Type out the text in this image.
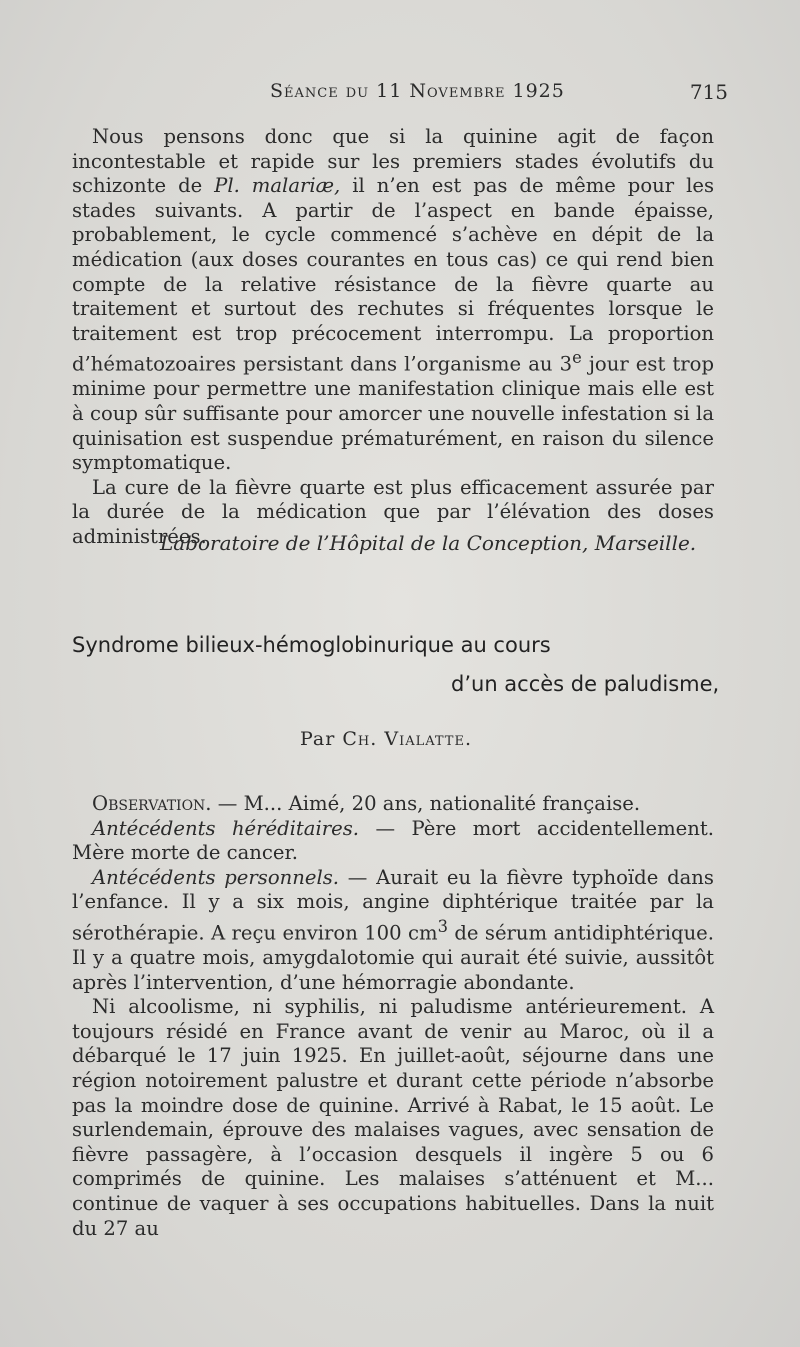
Séance du 11 Novembre 1925	715

Nous pensons donc que si la quinine agit de façon incontestable et rapide sur les premiers stades évolutifs du schizonte de Pl. malariæ, il n’en est pas de même pour les stades suivants. A partir de l’aspect en bande épaisse, probablement, le cycle commencé s’achève en dépit de la médication (aux doses courantes en tous cas) ce qui rend bien compte de la relative résistance de la fièvre quarte au traitement et surtout des rechutes si fréquentes lorsque le traitement est trop précocement interrompu. La proportion d’hématozoaires persistant dans l’organisme au 3e jour est trop minime pour permettre une manifestation clinique mais elle est à coup sûr suffisante pour amorcer une nouvelle infestation si la quinisation est suspendue prématurément, en raison du silence symptomatique.

La cure de la fièvre quarte est plus efficacement assurée par la durée de la médication que par l’élévation des doses administrées.

Laboratoire de l’Hôpital de la Conception, Marseille.
Syndrome bilieux-hémoglobinurique au cours
d’un accès de paludisme,
Par Ch. Vialatte.

Observation. — M... Aimé, 20 ans, nationalité française.

Antécédents héréditaires. — Père mort accidentellement. Mère morte de cancer.

Antécédents personnels. — Aurait eu la fièvre typhoïde dans l’enfance. Il y a six mois, angine diphtérique traitée par la sérothérapie. A reçu environ 100 $cm^3$ de sérum antidiphtérique. Il y a quatre mois, amygdalotomie qui aurait été suivie, aussitôt après l’intervention, d’une hémorragie abondante.

Ni alcoolisme, ni syphilis, ni paludisme antérieurement. A toujours résidé en France avant de venir au Maroc, où il a débarqué le 17 juin 1925. En juillet-août, séjourne dans une région notoirement palustre et durant cette période n’absorbe pas la moindre dose de quinine. Arrivé à Rabat, le 15 août. Le surlendemain, éprouve des malaises vagues, avec sensation de fièvre passagère, à l’occasion desquels il ingère 5 ou 6 comprimés de quinine. Les malaises s’atténuent et M... continue de vaquer à ses occupations habituelles. Dans la nuit du 27 au
